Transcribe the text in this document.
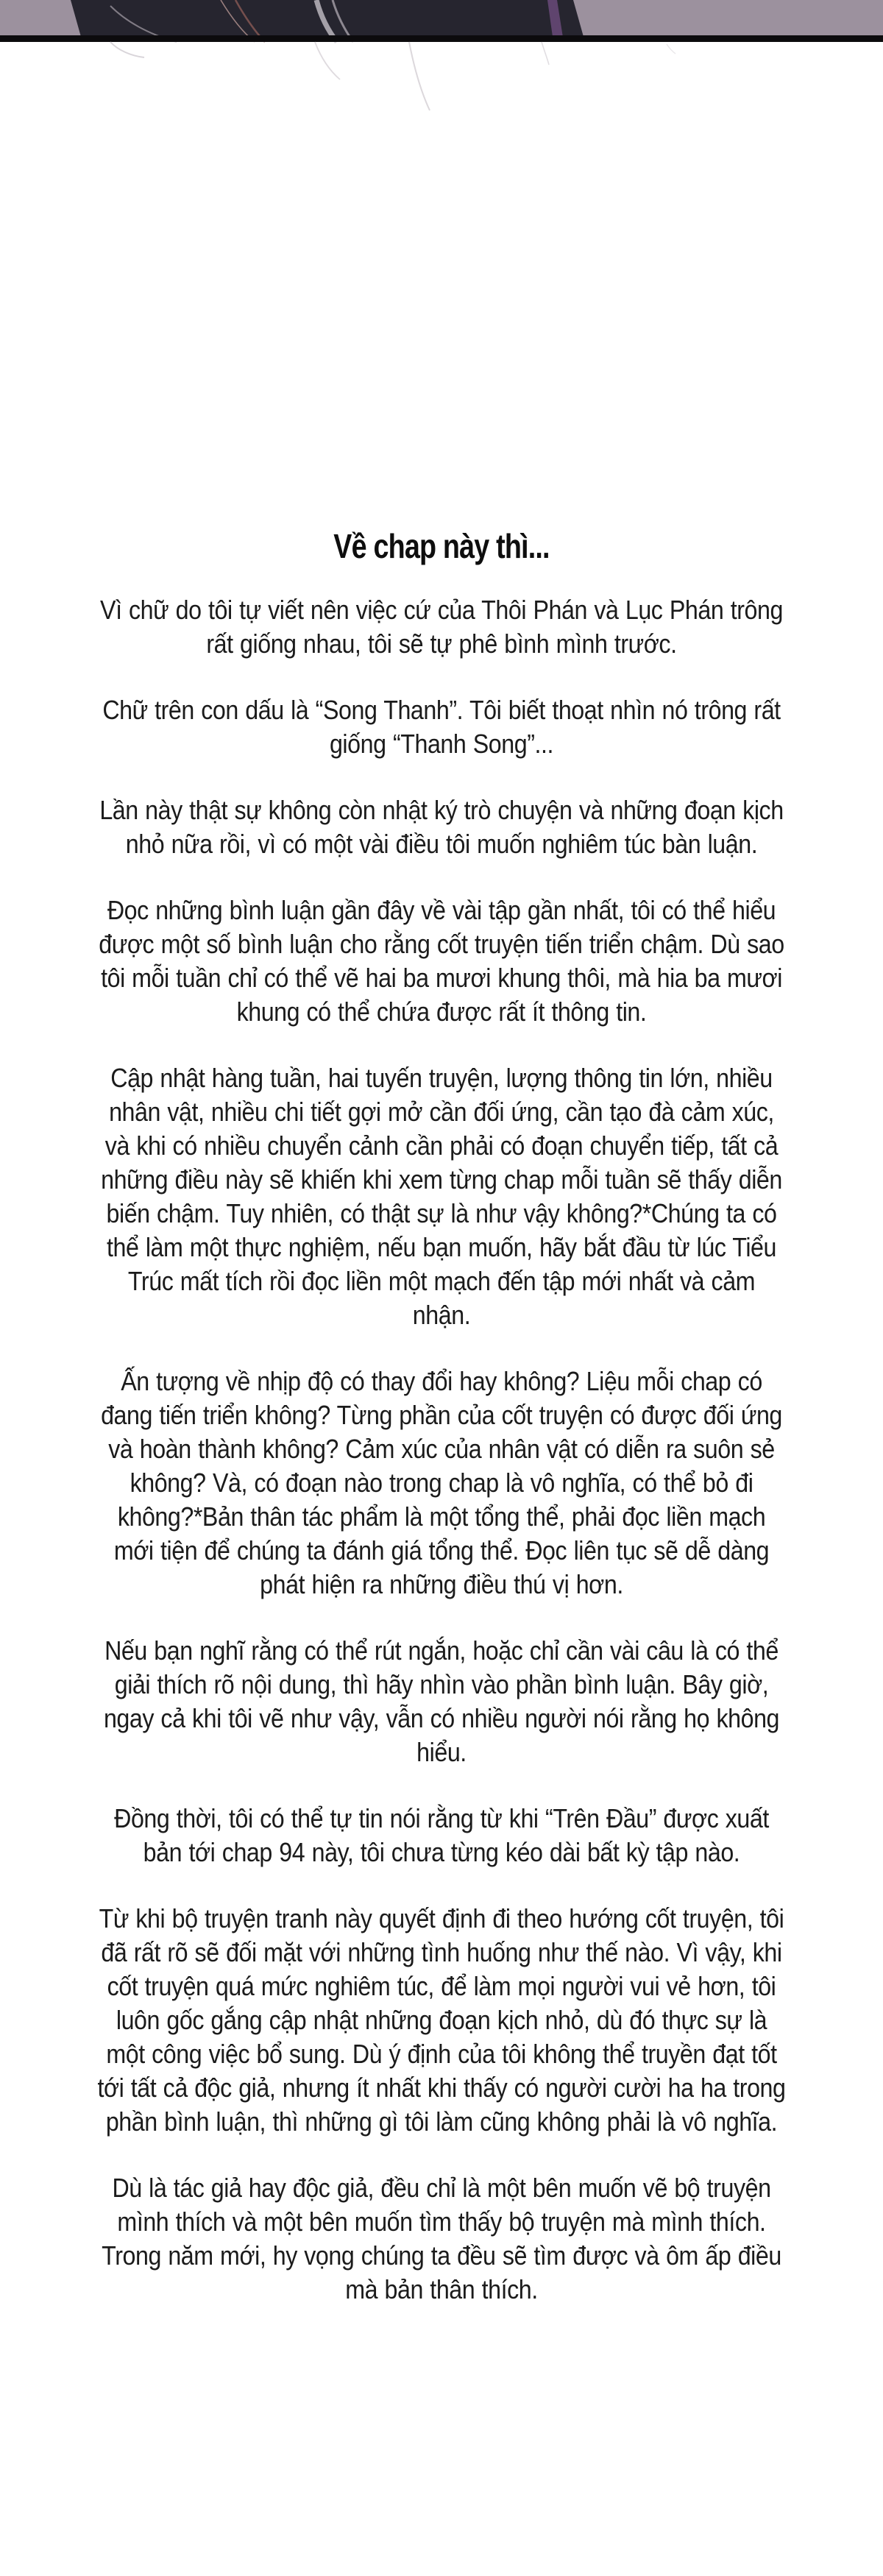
Về chap này thì...

Vì chữ do tôi tự viết nên việc cứ của Thôi Phán và Lục Phán trông rất giống nhau, tôi sẽ tự phê bình mình trước.

Chữ trên con dấu là “Song Thanh”. Tôi biết thoạt nhìn nó trông rất giống “Thanh Song”...

Lần này thật sự không còn nhật ký trò chuyện và những đoạn kịch nhỏ nữa rồi, vì có một vài điều tôi muốn nghiêm túc bàn luận.

Đọc những bình luận gần đây về vài tập gần nhất, tôi có thể hiểu được một số bình luận cho rằng cốt truyện tiến triển chậm. Dù sao tôi mỗi tuần chỉ có thể vẽ hai ba mươi khung thôi, mà hia ba mươi khung có thể chứa được rất ít thông tin.

Cập nhật hàng tuần, hai tuyến truyện, lượng thông tin lớn, nhiều nhân vật, nhiều chi tiết gợi mở cần đối ứng, cần tạo đà cảm xúc, và khi có nhiều chuyển cảnh cần phải có đoạn chuyển tiếp, tất cả những điều này sẽ khiến khi xem từng chap mỗi tuần sẽ thấy diễn biến chậm. Tuy nhiên, có thật sự là như vậy không?*Chúng ta có thể làm một thực nghiệm, nếu bạn muốn, hãy bắt đầu từ lúc Tiểu Trúc mất tích rồi đọc liền một mạch đến tập mới nhất và cảm nhận.

Ấn tượng về nhịp độ có thay đổi hay không? Liệu mỗi chap có đang tiến triển không? Từng phần của cốt truyện có được đối ứng và hoàn thành không? Cảm xúc của nhân vật có diễn ra suôn sẻ không? Và, có đoạn nào trong chap là vô nghĩa, có thể bỏ đi không?*Bản thân tác phẩm là một tổng thể, phải đọc liền mạch mới tiện để chúng ta đánh giá tổng thể. Đọc liên tục sẽ dễ dàng phát hiện ra những điều thú vị hơn.

Nếu bạn nghĩ rằng có thể rút ngắn, hoặc chỉ cần vài câu là có thể giải thích rõ nội dung, thì hãy nhìn vào phần bình luận. Bây giờ, ngay cả khi tôi vẽ như vậy, vẫn có nhiều người nói rằng họ không hiểu.

Đồng thời, tôi có thể tự tin nói rằng từ khi “Trên Đầu” được xuất bản tới chap 94 này, tôi chưa từng kéo dài bất kỳ tập nào.

Từ khi bộ truyện tranh này quyết định đi theo hướng cốt truyện, tôi đã rất rõ sẽ đối mặt với những tình huống như thế nào. Vì vậy, khi cốt truyện quá mức nghiêm túc, để làm mọi người vui vẻ hơn, tôi luôn gốc gắng cập nhật những đoạn kịch nhỏ, dù đó thực sự là một công việc bổ sung. Dù ý định của tôi không thể truyền đạt tốt tới tất cả độc giả, nhưng ít nhất khi thấy có người cười ha ha trong phần bình luận, thì những gì tôi làm cũng không phải là vô nghĩa.

Dù là tác giả hay độc giả, đều chỉ là một bên muốn vẽ bộ truyện mình thích và một bên muốn tìm thấy bộ truyện mà mình thích. Trong năm mới, hy vọng chúng ta đều sẽ tìm được và ôm ấp điều mà bản thân thích.
